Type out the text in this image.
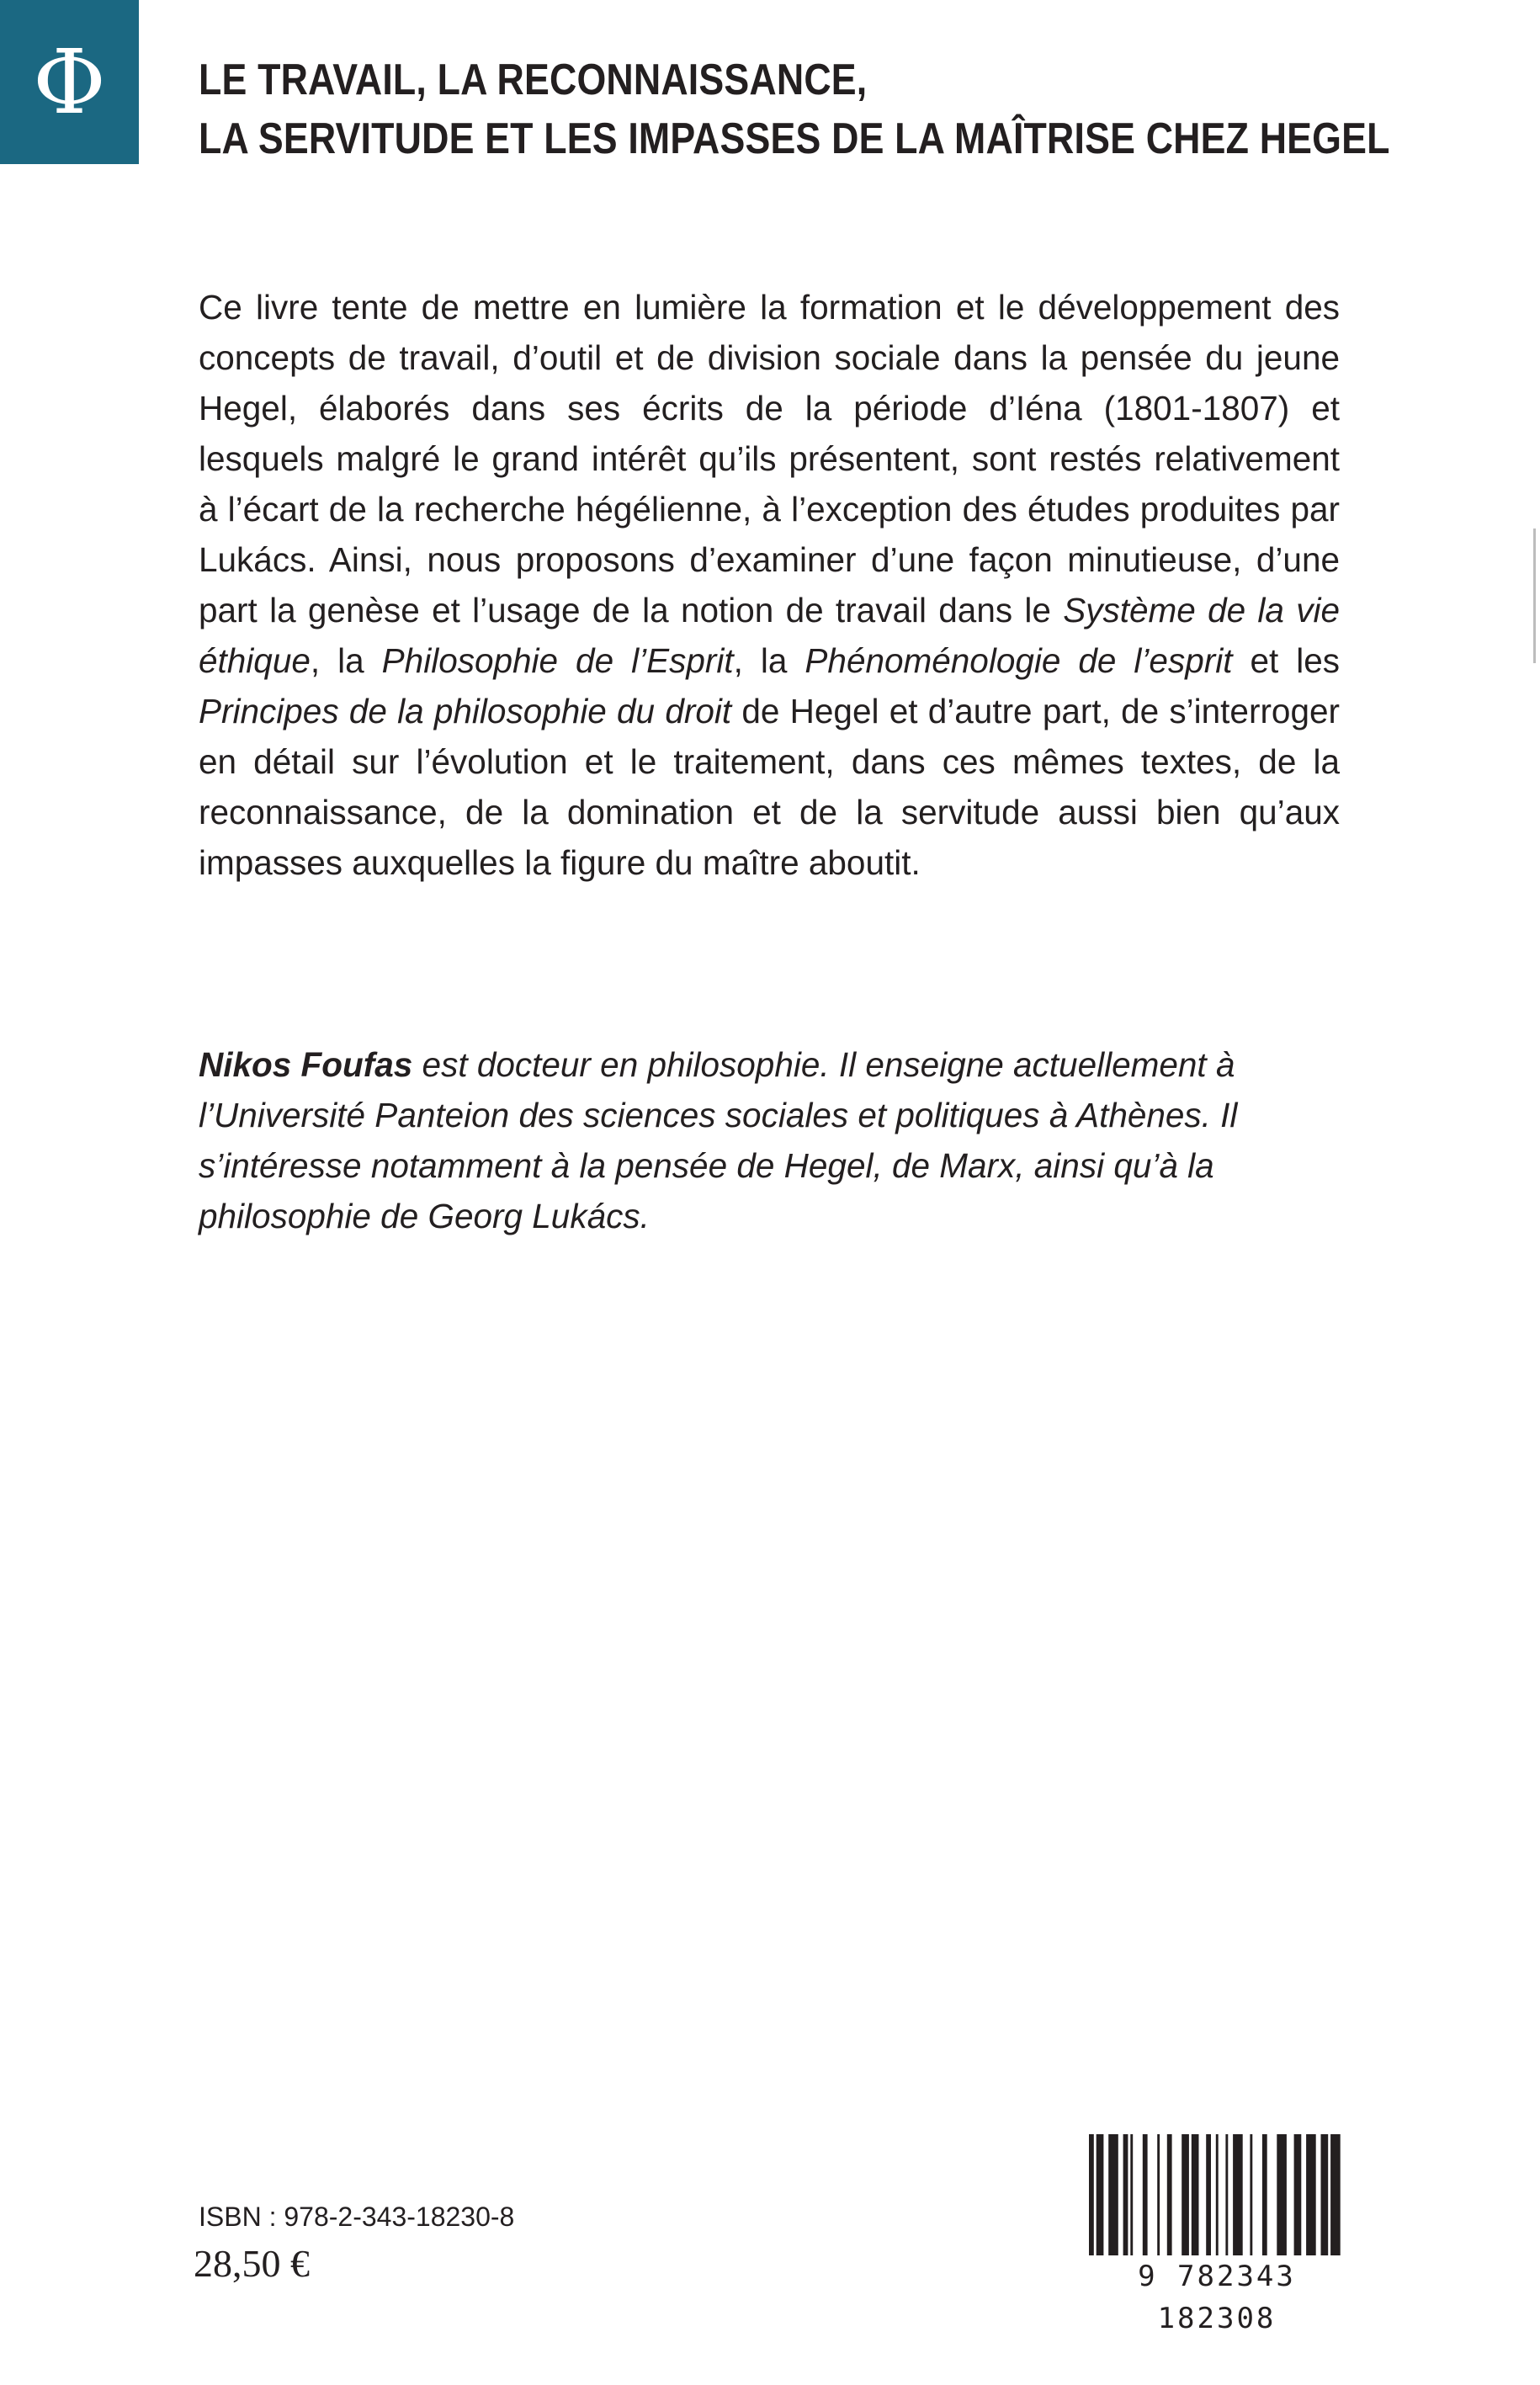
Φ LE TRAVAIL, LA RECONNAISSANCE,
LA SERVITUDE ET LES IMPASSES DE LA MAÎTRISE CHEZ HEGEL

Ce livre tente de mettre en lumière la formation et le développement des concepts de travail, d’outil et de division sociale dans la pensée du jeune Hegel, élaborés dans ses écrits de la période d’Iéna (1801-1807) et lesquels malgré le grand intérêt qu’ils présentent, sont restés relativement à l’écart de la recherche hégélienne, à l’exception des études produites par Lukács. Ainsi, nous proposons d’examiner d’une façon minutieuse, d’une part la genèse et l’usage de la notion de travail dans le Système de la vie éthique, la Philosophie de l’Esprit, la Phénoménologie de l’esprit et les Principes de la philosophie du droit de Hegel et d’autre part, de s’interroger en détail sur l’évolution et le traitement, dans ces mêmes textes, de la reconnaissance, de la domination et de la servitude aussi bien qu’aux impasses auxquelles la figure du maître aboutit.

Nikos Foufas est docteur en philosophie. Il enseigne actuellement à l’Université Panteion des sciences sociales et politiques à Athènes. Il s’intéresse notamment à la pensée de Hegel, de Marx, ainsi qu’à la philosophie de Georg Lukács.
ISBN : 978-2-343-18230-8
28,50 €	9 782343 182308
